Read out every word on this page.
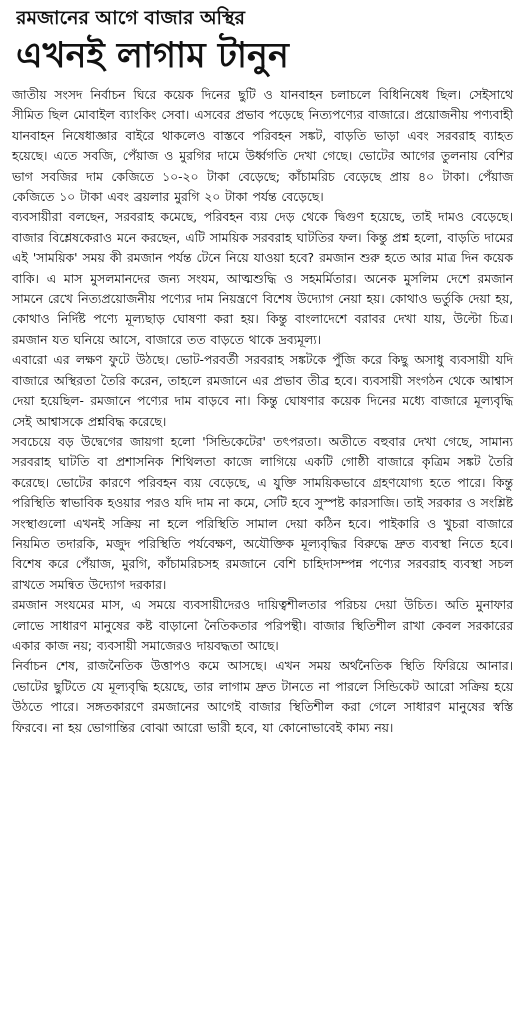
রমজানের আগে বাজার অস্থির
এখনই লাগাম টানুন

জাতীয় সংসদ নির্বাচন ঘিরে কয়েক দিনের ছুটি ও যানবাহন চলাচলে বিধিনিষেধ ছিল। সেইসাথে সীমিত ছিল মোবাইল ব্যাংকিং সেবা। এসবের প্রভাব পড়েছে নিত্যপণ্যের বাজারে। প্রয়োজনীয় পণ্যবাহী যানবাহন নিষেধাজ্ঞার বাইরে থাকলেও বাস্তবে পরিবহন সঙ্কট, বাড়তি ভাড়া এবং সরবরাহ ব্যাহত হয়েছে। এতে সবজি, পেঁয়াজ ও মুরগির দামে উর্ধ্বগতি দেখা গেছে। ভোটের আগের তুলনায় বেশির ভাগ সবজির দাম কেজিতে ১০-২০ টাকা বেড়েছে; কাঁচামরিচ বেড়েছে প্রায় ৪০ টাকা। পেঁয়াজ কেজিতে ১০ টাকা এবং ব্রয়লার মুরগি ২০ টাকা পর্যন্ত বেড়েছে।

ব্যবসায়ীরা বলছেন, সরবরাহ কমেছে, পরিবহন ব্যয় দেড় থেকে দ্বিগুণ হয়েছে, তাই দামও বেড়েছে। বাজার বিশ্লেষকেরাও মনে করছেন, এটি সাময়িক সরবরাহ ঘাটতির ফল। কিন্তু প্রশ্ন হলো, বাড়তি দামের এই 'সাময়িক' সময় কী রমজান পর্যন্ত টেনে নিয়ে যাওয়া হবে? রমজান শুরু হতে আর মাত্র দিন কয়েক বাকি। এ মাস মুসলমানদের জন্য সংযম, আত্মশুদ্ধি ও সহমর্মিতার। অনেক মুসলিম দেশে রমজান সামনে রেখে নিত্যপ্রয়োজনীয় পণ্যের দাম নিয়ন্ত্রণে বিশেষ উদ্যোগ নেয়া হয়। কোথাও ভর্তুকি দেয়া হয়, কোথাও নির্দিষ্ট পণ্যে মূল্যছাড় ঘোষণা করা হয়। কিন্তু বাংলাদেশে বরাবর দেখা যায়, উল্টো চিত্র। রমজান যত ঘনিয়ে আসে, বাজারে তত বাড়তে থাকে দ্রব্যমূল্য।

এবারো এর লক্ষণ ফুটে উঠছে। ভোট-পরবর্তী সরবরাহ সঙ্কটকে পুঁজি করে কিছু অসাধু ব্যবসায়ী যদি বাজারে অস্থিরতা তৈরি করেন, তাহলে রমজানে এর প্রভাব তীব্র হবে। ব্যবসায়ী সংগঠন থেকে আশ্বাস দেয়া হয়েছিল- রমজানে পণ্যের দাম বাড়বে না। কিন্তু ঘোষণার কয়েক দিনের মধ্যে বাজারে মূল্যবৃদ্ধি সেই আশ্বাসকে প্রশ্নবিদ্ধ করেছে।

সবচেয়ে বড় উদ্বেগের জায়গা হলো 'সিন্ডিকেটের' তৎপরতা। অতীতে বহুবার দেখা গেছে, সামান্য সরবরাহ ঘাটতি বা প্রশাসনিক শিথিলতা কাজে লাগিয়ে একটি গোষ্ঠী বাজারে কৃত্রিম সঙ্কট তৈরি করেছে। ভোটের কারণে পরিবহন ব্যয় বেড়েছে, এ যুক্তি সাময়িকভাবে গ্রহণযোগ্য হতে পারে। কিন্তু পরিস্থিতি স্বাভাবিক হওয়ার পরও যদি দাম না কমে, সেটি হবে সুস্পষ্ট কারসাজি। তাই সরকার ও সংশ্লিষ্ট সংস্থাগুলো এখনই সক্রিয় না হলে পরিস্থিতি সামাল দেয়া কঠিন হবে। পাইকারি ও খুচরা বাজারে নিয়মিত তদারকি, মজুদ পরিস্থিতি পর্যবেক্ষণ, অযৌক্তিক মূল্যবৃদ্ধির বিরুদ্ধে দ্রুত ব্যবস্থা নিতে হবে। বিশেষ করে পেঁয়াজ, মুরগি, কাঁচামরিচসহ রমজানে বেশি চাহিদাসম্পন্ন পণ্যের সরবরাহ ব্যবস্থা সচল রাখতে সমন্বিত উদ্যোগ দরকার।

রমজান সংযমের মাস, এ সময়ে ব্যবসায়ীদেরও দায়িত্বশীলতার পরিচয় দেয়া উচিত। অতি মুনাফার লোভে সাধারণ মানুষের কষ্ট বাড়ানো নৈতিকতার পরিপন্থী। বাজার স্থিতিশীল রাখা কেবল সরকারের একার কাজ নয়; ব্যবসায়ী সমাজেরও দায়বদ্ধতা আছে।

নির্বাচন শেষ, রাজনৈতিক উত্তাপও কমে আসছে। এখন সময় অর্থনৈতিক স্থিতি ফিরিয়ে আনার। ভোটের ছুটিতে যে মূল্যবৃদ্ধি হয়েছে, তার লাগাম দ্রুত টানতে না পারলে সিন্ডিকেট আরো সক্রিয় হয়ে উঠতে পারে। সঙ্গতকারণে রমজানের আগেই বাজার স্থিতিশীল করা গেলে সাধারণ মানুষের স্বস্তি ফিরবে। না হয় ভোগান্তির বোঝা আরো ভারী হবে, যা কোনোভাবেই কাম্য নয়।
